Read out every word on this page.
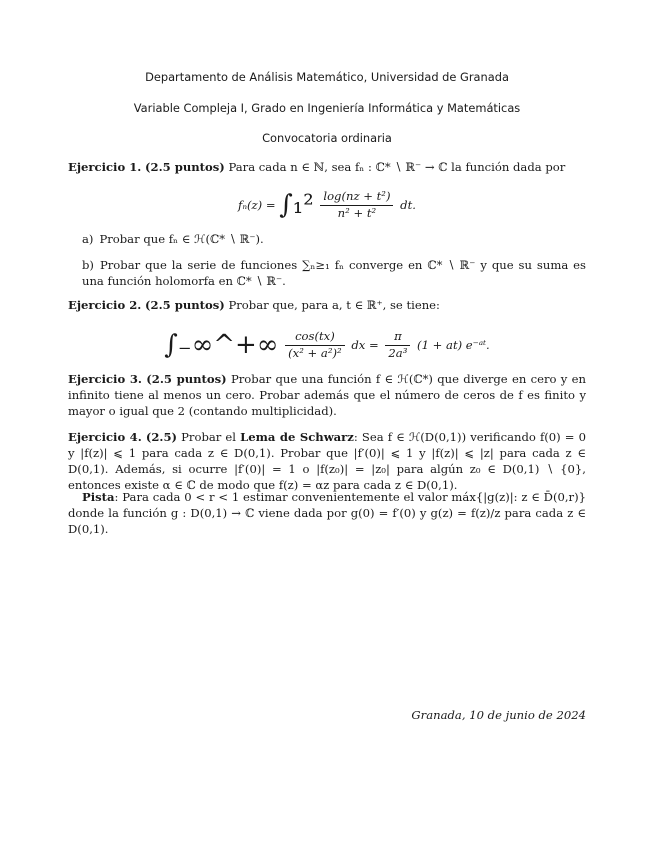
Departamento de Análisis Matemático, Universidad de Granada
Variable Compleja I, Grado en Ingeniería Informática y Matemáticas
Convocatoria ordinaria
Ejercicio 1. (2.5 puntos) Para cada n ∈ ℕ, sea fₙ : ℂ* ∖ ℝ⁻ → ℂ la función dada por
$f_n(z) = \int_1^2 \frac{\text{log(nz + t²)}}{\text{n² + t²}}$ dt.
a) Probar que fₙ ∈ ℋ(ℂ* ∖ ℝ⁻).
b) Probar que la serie de funciones ∑ₙ≥₁ fₙ converge en ℂ* ∖ ℝ⁻ y que su suma es una función holomorfa en ℂ* ∖ ℝ⁻.
Ejercicio 2. (2.5 puntos) Probar que, para a, t ∈ ℝ⁺, se tiene:
∫₋∞^+∞ $\frac{\cos(tx)}{\text{(x² + a²)²}}$ dx = $\frac{\pi}{\text{2a³}} (1 + at)$ e⁻ᵃᵗ.
Ejercicio 3. (2.5 puntos) Probar que una función f ∈ ℋ(ℂ*) que diverge en cero y en infinito tiene al menos un cero. Probar además que el número de ceros de f es finito y mayor o igual que 2 (contando multiplicidad).
Ejercicio 4. (2.5) Probar el Lema de Schwarz: Sea f ∈ ℋ(D(0,1)) verificando f(0) = 0 y |f(z)| ⩽ 1 para cada z ∈ D(0,1). Probar que |f′(0)| ⩽ 1 y |f(z)| ⩽ |z| para cada z ∈ D(0,1). Además, si ocurre |f′(0)| = 1 o |f(z₀)| = |z₀| para algún z₀ ∈ D(0,1) ∖ {0}, entonces existe α ∈ ℂ de modo que f(z) = αz para cada z ∈ D(0,1).
Pista: Para cada 0 < r < 1 estimar convenientemente el valor máx{|g(z)|: z ∈ D̄(0,r)} donde la función g : D(0,1) → ℂ viene dada por g(0) = f′(0) y g(z) = f(z)/z para cada z ∈ D(0,1).
Granada, 10 de junio de 2024
